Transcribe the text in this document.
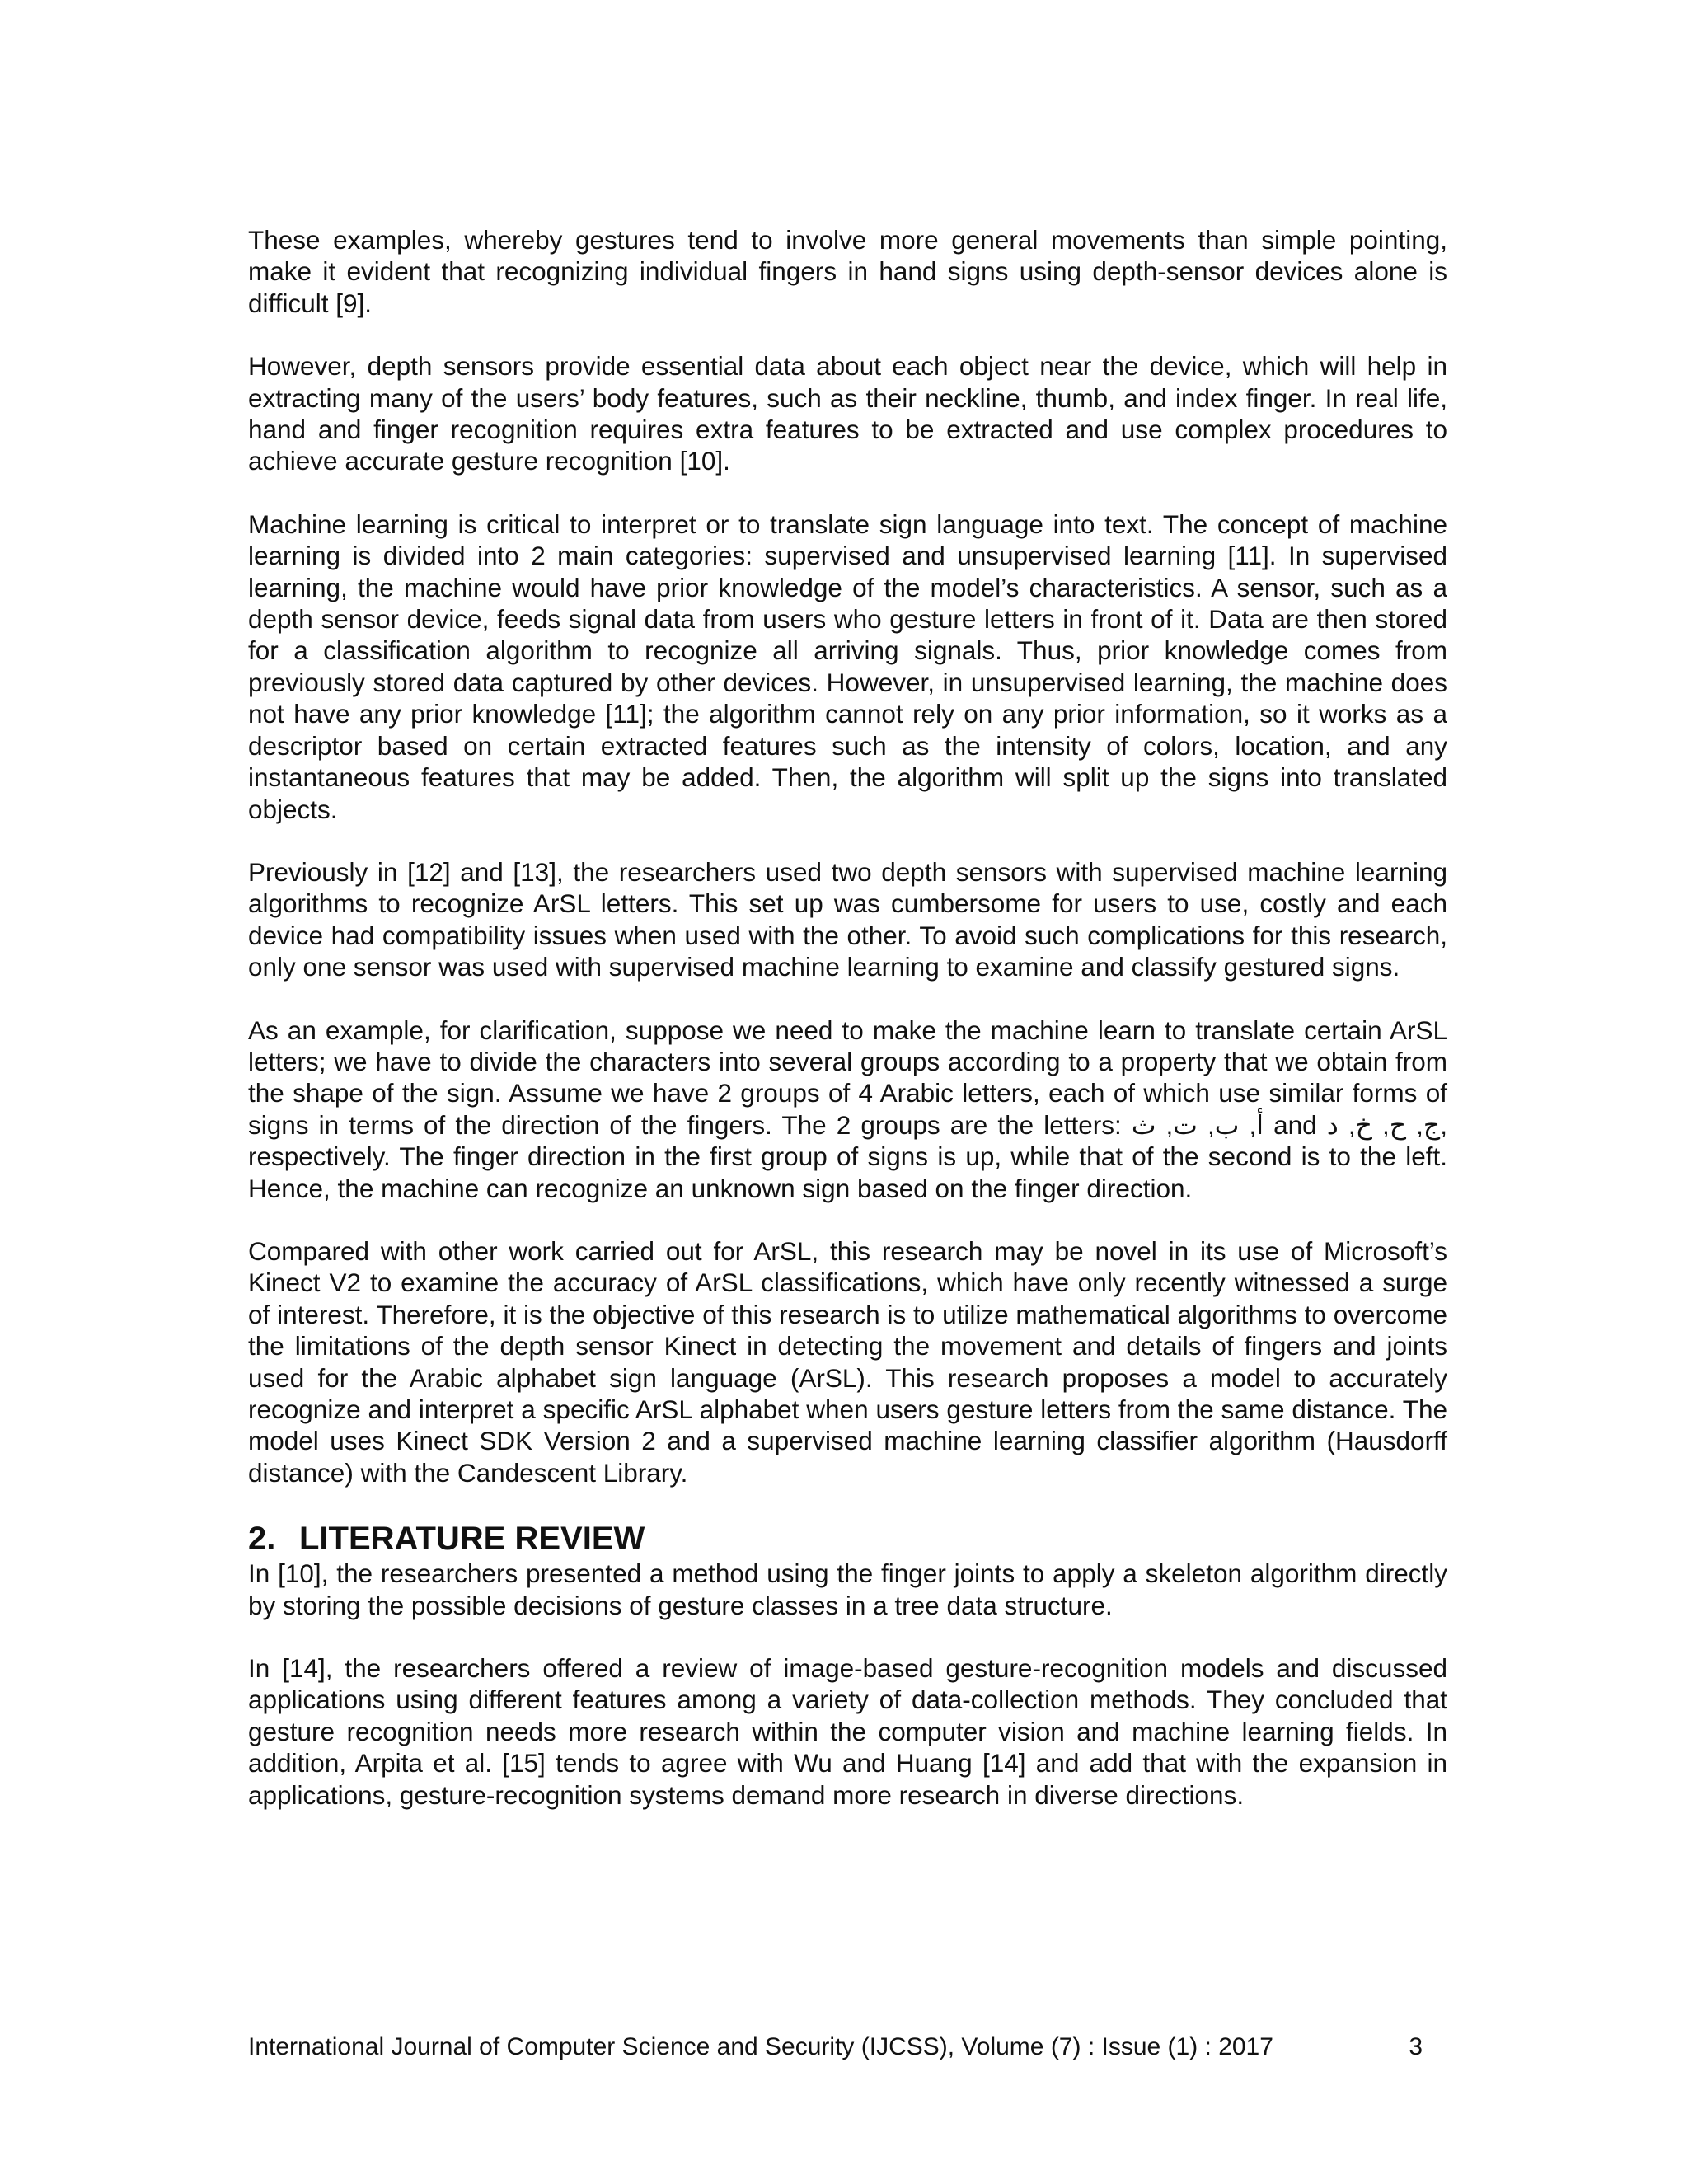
These examples, whereby gestures tend to involve more general movements than simple pointing, make it evident that recognizing individual fingers in hand signs using depth-sensor devices alone is difficult [9].

However, depth sensors provide essential data about each object near the device, which will help in extracting many of the users’ body features, such as their neckline, thumb, and index finger. In real life, hand and finger recognition requires extra features to be extracted and use complex procedures to achieve accurate gesture recognition [10].

Machine learning is critical to interpret or to translate sign language into text. The concept of machine learning is divided into 2 main categories: supervised and unsupervised learning [11]. In supervised learning, the machine would have prior knowledge of the model’s characteristics. A sensor, such as a depth sensor device, feeds signal data from users who gesture letters in front of it. Data are then stored for a classification algorithm to recognize all arriving signals. Thus, prior knowledge comes from previously stored data captured by other devices. However, in unsupervised learning, the machine does not have any prior knowledge [11]; the algorithm cannot rely on any prior information, so it works as a descriptor based on certain extracted features such as the intensity of colors, location, and any instantaneous features that may be added. Then, the algorithm will split up the signs into translated objects.

Previously in [12] and [13], the researchers used two depth sensors with supervised machine learning algorithms to recognize ArSL letters. This set up was cumbersome for users to use, costly and each device had compatibility issues when used with the other. To avoid such complications for this research, only one sensor was used with supervised machine learning to examine and classify gestured signs.

As an example, for clarification, suppose we need to make the machine learn to translate certain ArSL letters; we have to divide the characters into several groups according to a property that we obtain from the shape of the sign. Assume we have 2 groups of 4 Arabic letters, each of which use similar forms of signs in terms of the direction of the fingers. The 2 groups are the letters: أ, ب, ت, ث and ج, ح, خ, د, respectively. The finger direction in the first group of signs is up, while that of the second is to the left. Hence, the machine can recognize an unknown sign based on the finger direction.

Compared with other work carried out for ArSL, this research may be novel in its use of Microsoft’s Kinect V2 to examine the accuracy of ArSL classifications, which have only recently witnessed a surge of interest. Therefore, it is the objective of this research is to utilize mathematical algorithms to overcome the limitations of the depth sensor Kinect in detecting the movement and details of fingers and joints used for the Arabic alphabet sign language (ArSL). This research proposes a model to accurately recognize and interpret a specific ArSL alphabet when users gesture letters from the same distance. The model uses Kinect SDK Version 2 and a supervised machine learning classifier algorithm (Hausdorff distance) with the Candescent Library.

2. LITERATURE REVIEW

In [10], the researchers presented a method using the finger joints to apply a skeleton algorithm directly by storing the possible decisions of gesture classes in a tree data structure.

In [14], the researchers offered a review of image-based gesture-recognition models and discussed applications using different features among a variety of data-collection methods. They concluded that gesture recognition needs more research within the computer vision and machine learning fields. In addition, Arpita et al. [15] tends to agree with Wu and Huang [14] and add that with the expansion in applications, gesture-recognition systems demand more research in diverse directions.

International Journal of Computer Science and Security (IJCSS), Volume (7) : Issue (1) : 2017	3
